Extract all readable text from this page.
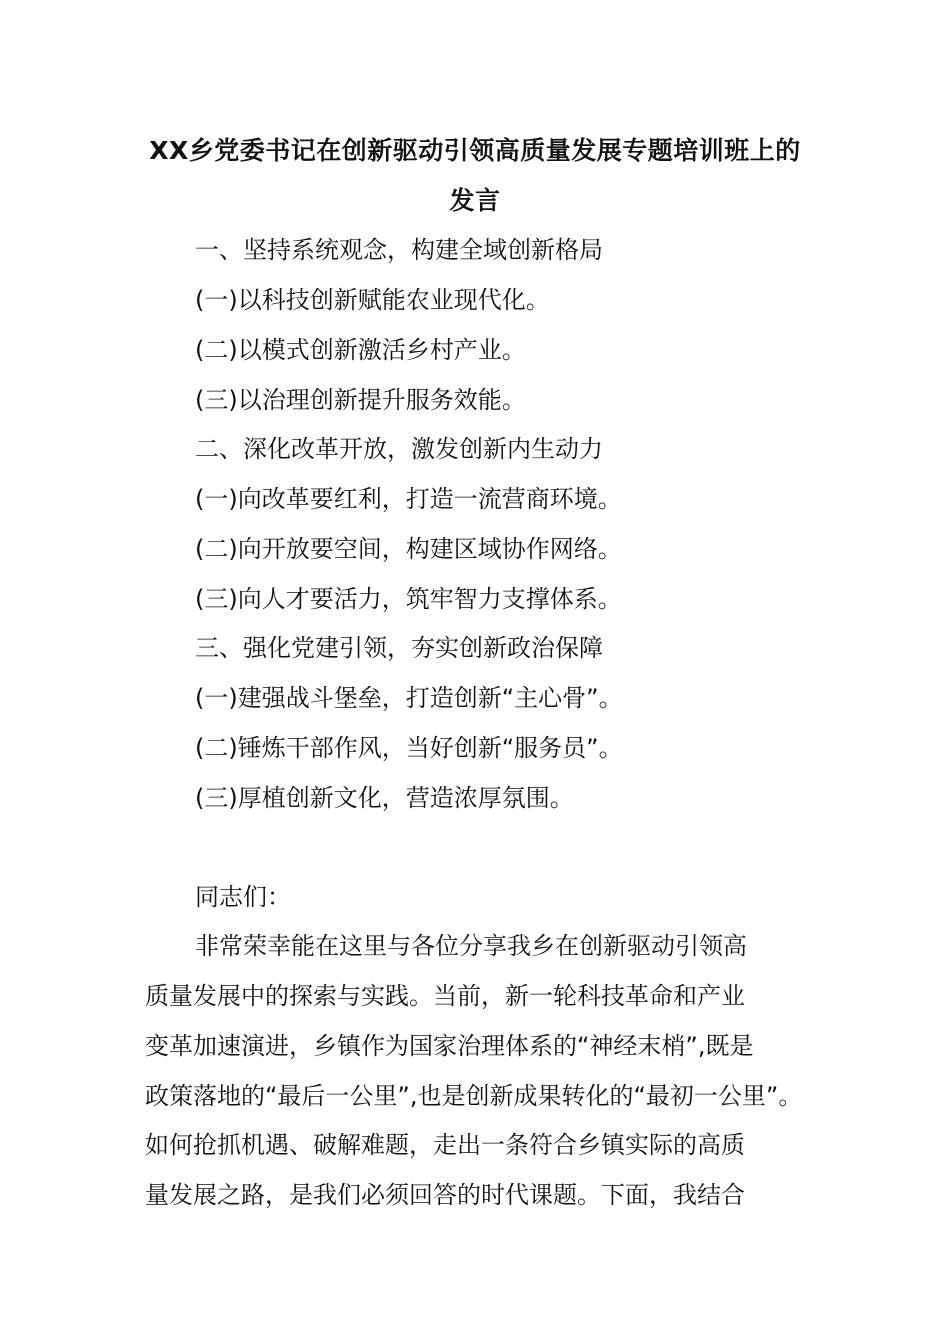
XX乡党委书记在创新驱动引领高质量发展专题培训班上的
发言
一、坚持系统观念，构建全域创新格局
(一)以科技创新赋能农业现代化。
(二)以模式创新激活乡村产业。
(三)以治理创新提升服务效能。
二、深化改革开放，激发创新内生动力
(一)向改革要红利，打造一流营商环境。
(二)向开放要空间，构建区域协作网络。
(三)向人才要活力，筑牢智力支撑体系。
三、强化党建引领，夯实创新政治保障
(一)建强战斗堡垒，打造创新“主心骨”。
(二)锤炼干部作风，当好创新“服务员”。
(三)厚植创新文化，营造浓厚氛围。
同志们：
非常荣幸能在这里与各位分享我乡在创新驱动引领高
质量发展中的探索与实践。当前，新一轮科技革命和产业
变革加速演进，乡镇作为国家治理体系的“神经末梢”,既是
政策落地的“最后一公里”,也是创新成果转化的“最初一公里”。
如何抢抓机遇、破解难题，走出一条符合乡镇实际的高质
量发展之路，是我们必须回答的时代课题。下面，我结合
